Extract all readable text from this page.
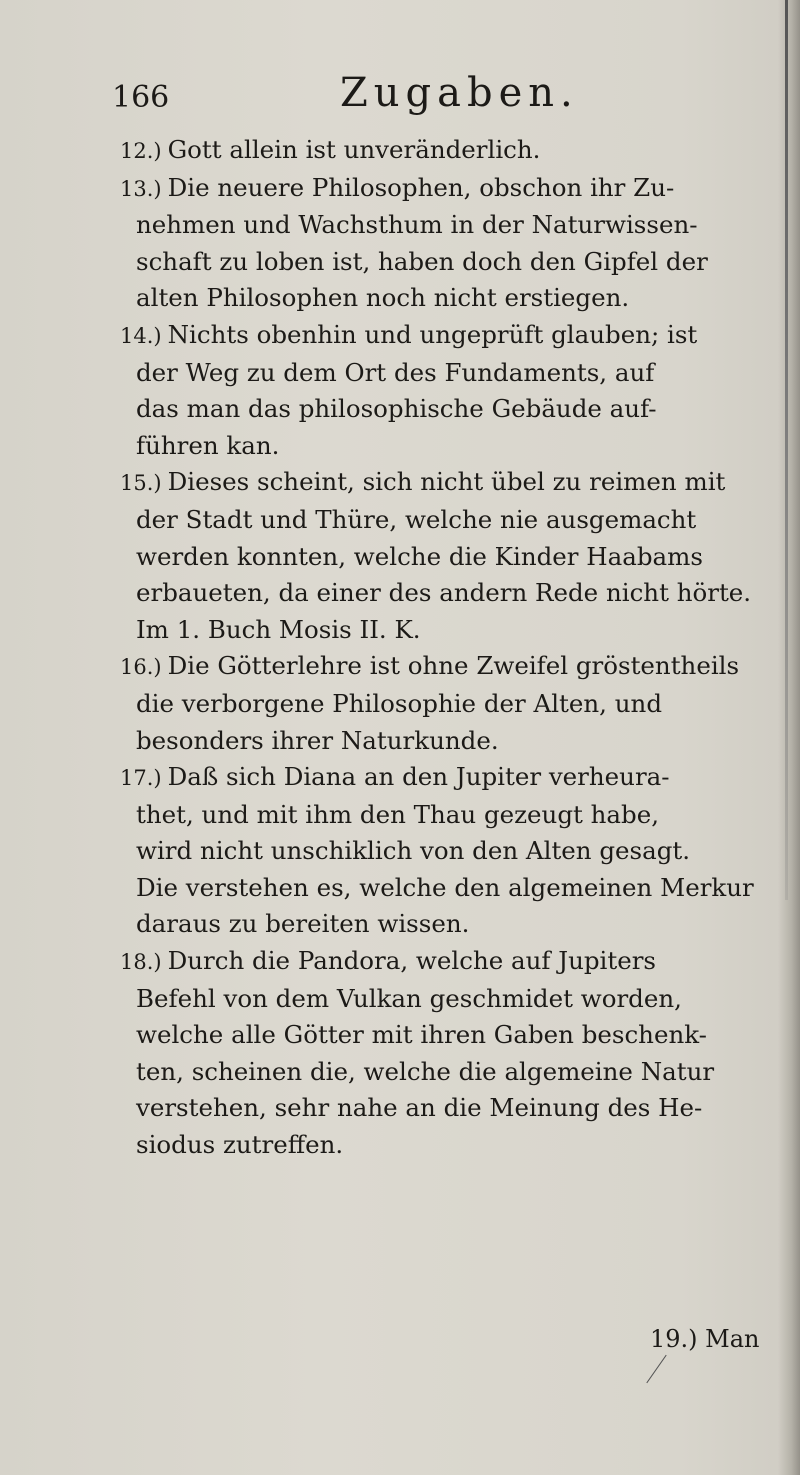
166	Zugaben.

12.) Gott allein ist unveränderlich.

13.) Die neuere Philosophen, obschon ihr Zu-
nehmen und Wachsthum in der Naturwissen-
schaft zu loben ist, haben doch den Gipfel der
alten Philosophen noch nicht erstiegen.

14.) Nichts obenhin und ungeprüft glauben; ist
der Weg zu dem Ort des Fundaments, auf
das man das philosophische Gebäude auf-
führen kan.

15.) Dieses scheint, sich nicht übel zu reimen mit
der Stadt und Thüre, welche nie ausgemacht
werden konnten, welche die Kinder Haabams
erbaueten, da einer des andern Rede nicht hörte.
Im 1. Buch Mosis II. K.

16.) Die Götterlehre ist ohne Zweifel gröstentheils
die verborgene Philosophie der Alten, und
besonders ihrer Naturkunde.

17.) Daß sich Diana an den Jupiter verheura-
thet, und mit ihm den Thau gezeugt habe,
wird nicht unschiklich von den Alten gesagt.
Die verstehen es, welche den algemeinen Merkur
daraus zu bereiten wissen.

18.) Durch die Pandora, welche auf Jupiters
Befehl von dem Vulkan geschmidet worden,
welche alle Götter mit ihren Gaben beschenk-
ten, scheinen die, welche die algemeine Natur
verstehen, sehr nahe an die Meinung des He-
siodus zutreffen.

19.) Man
